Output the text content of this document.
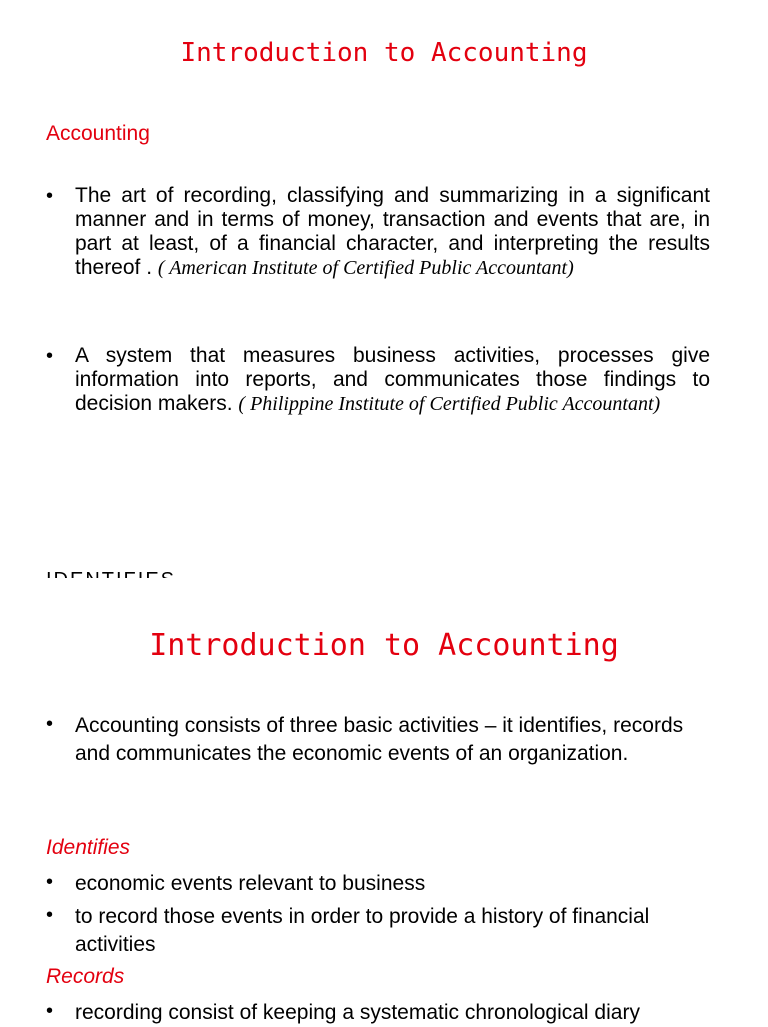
Introduction to Accounting
Accounting
•	The art of recording, classifying and summarizing in a significant manner and in terms of money, transaction and events that are, in part at least, of a financial character, and interpreting the results thereof . ( American Institute of Certified Public Accountant)
•	A system that measures business activities, processes give information into reports, and communicates those findings to decision makers. ( Philippine Institute of Certified Public Accountant)
Introduction to Accounting
•	Accounting consists of three basic activities – it identifies, records and communicates the economic events of an organization.
Identifies
•	economic events relevant to business
•	to record those events in order to provide a history of financial activities
Records
•	recording consist of keeping a systematic chronological diary
